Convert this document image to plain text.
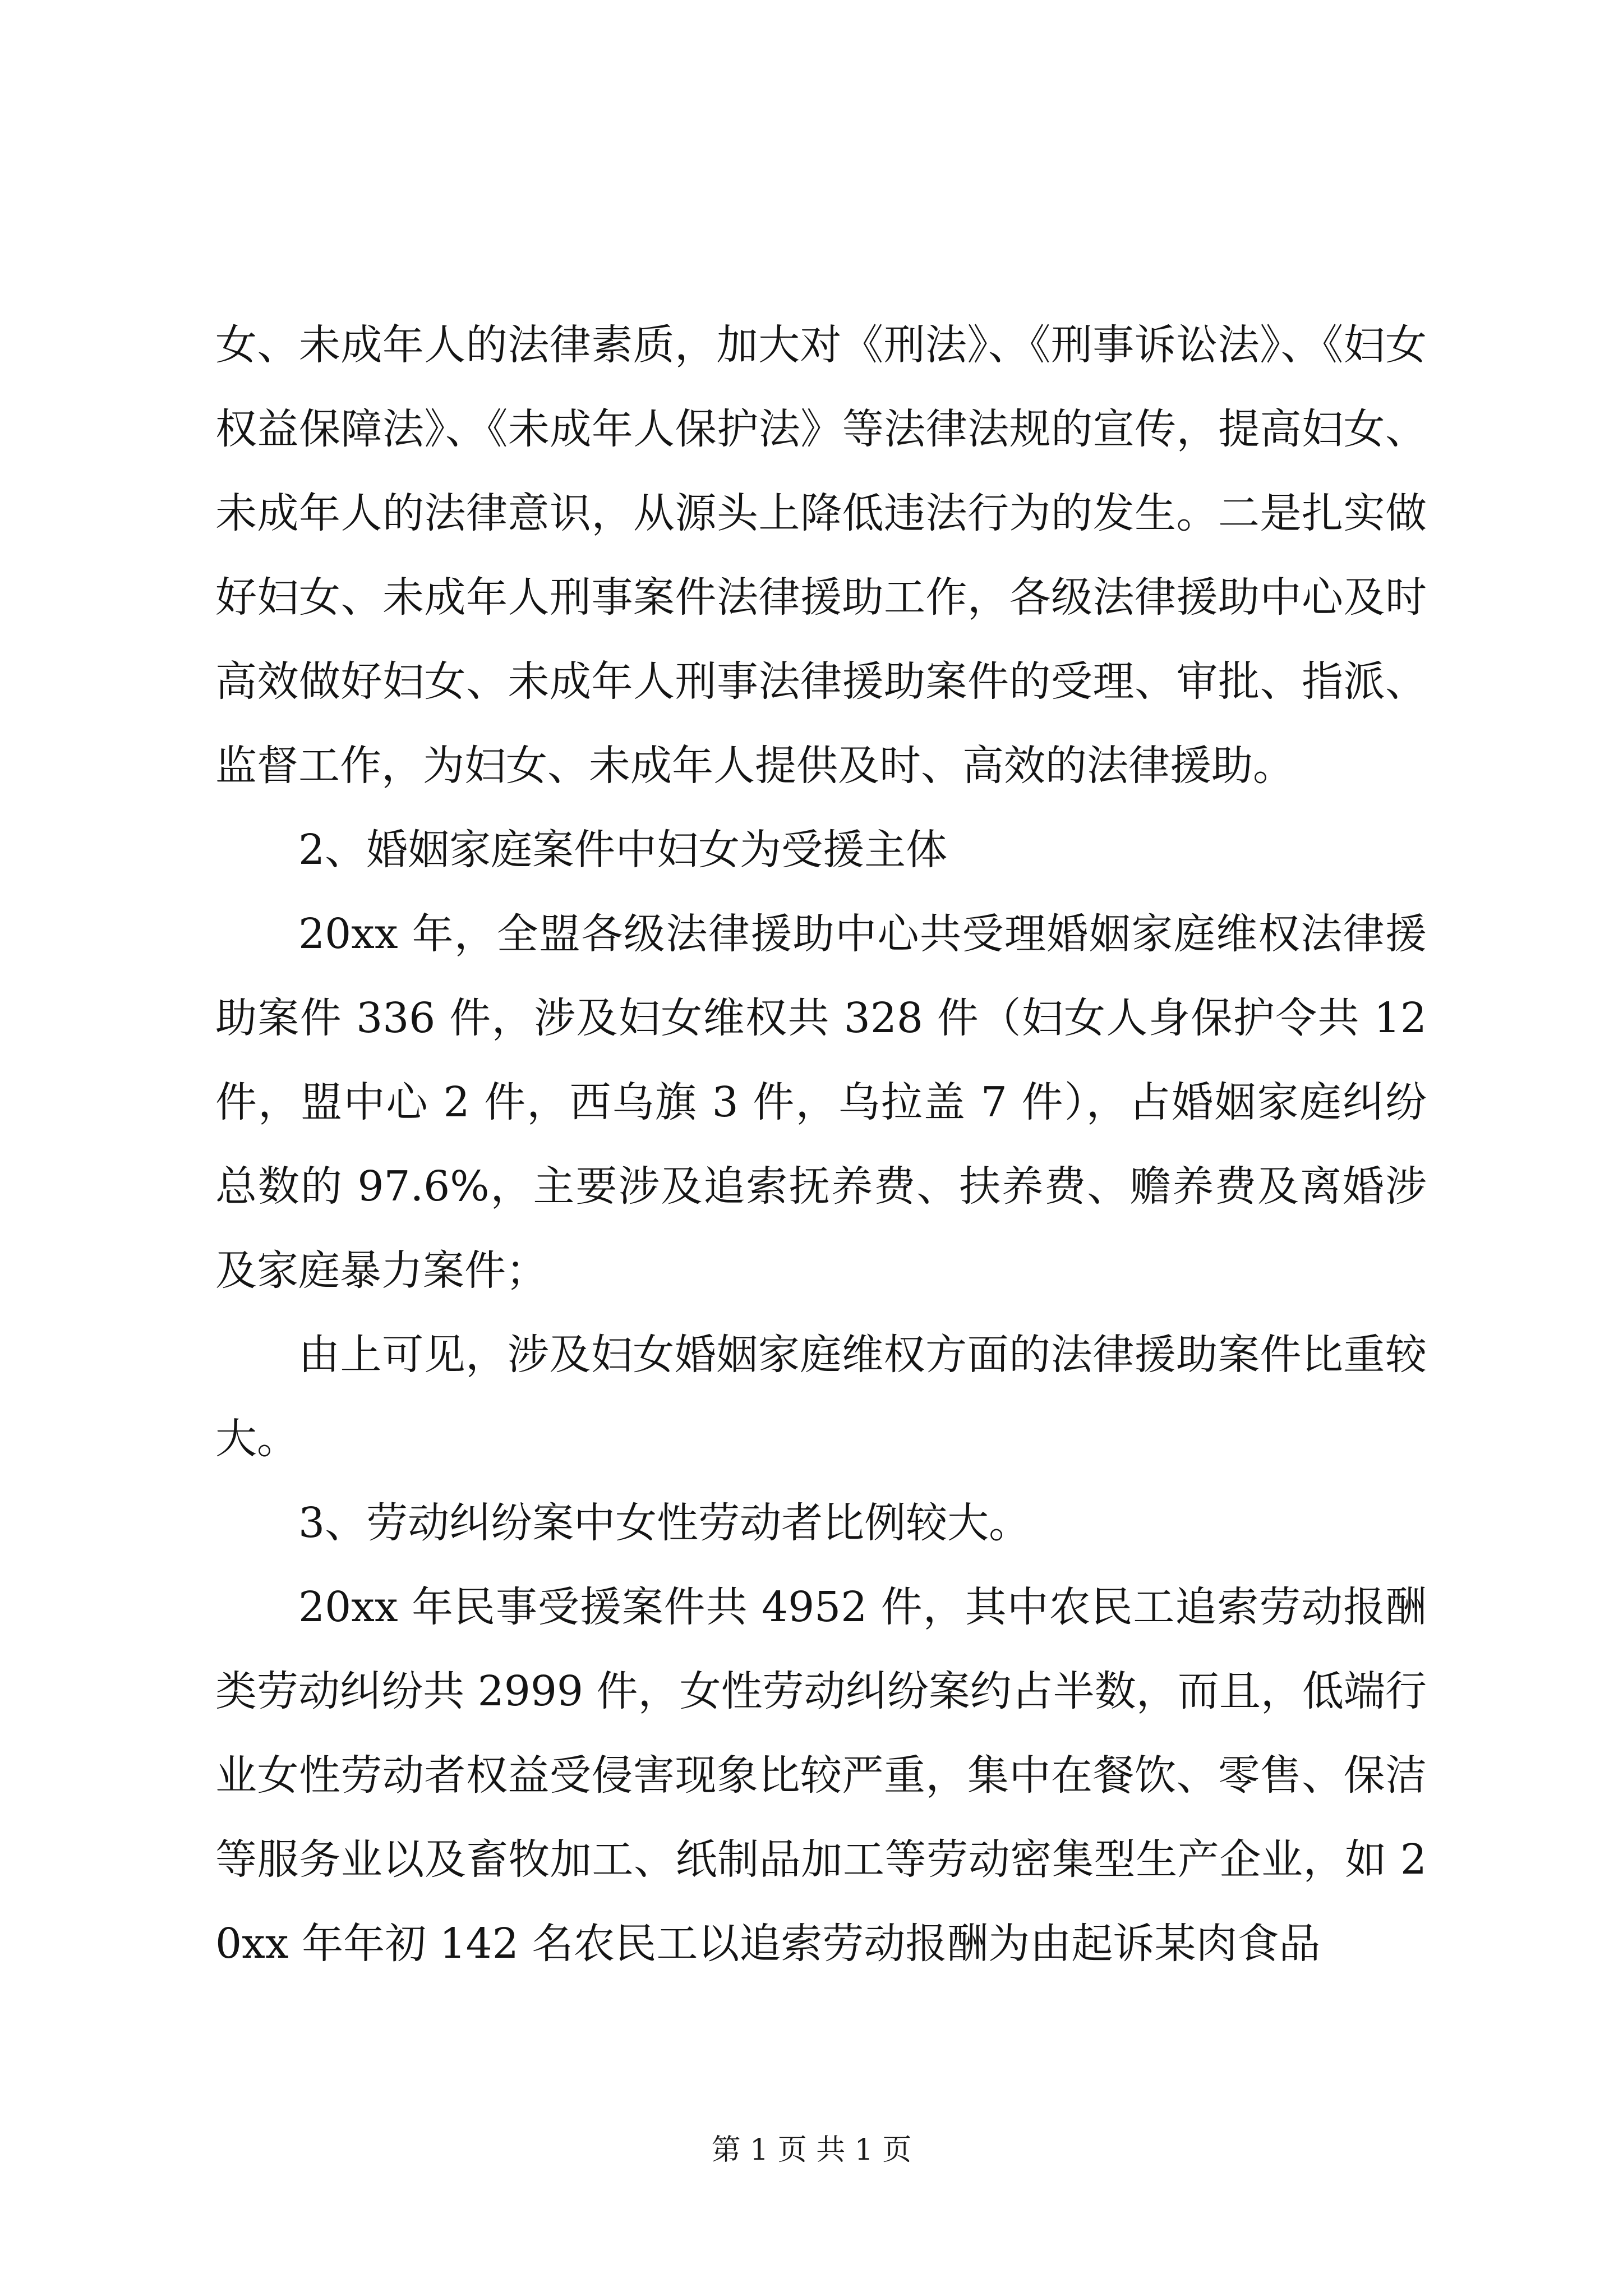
女、未成年人的法律素质，加大对《刑法》、《刑事诉讼法》、《妇女权益保障法》、《未成年人保护法》等法律法规的宣传，提高妇女、未成年人的法律意识，从源头上降低违法行为的发生。二是扎实做好妇女、未成年人刑事案件法律援助工作，各级法律援助中心及时高效做好妇女、未成年人刑事法律援助案件的受理、审批、指派、监督工作，为妇女、未成年人提供及时、高效的法律援助。

2、婚姻家庭案件中妇女为受援主体

20xx 年，全盟各级法律援助中心共受理婚姻家庭维权法律援助案件 336 件，涉及妇女维权共 328 件（妇女人身保护令共 12 件，盟中心 2 件，西乌旗 3 件，乌拉盖 7 件），占婚姻家庭纠纷总数的 97.6%，主要涉及追索抚养费、扶养费、赡养费及离婚涉及家庭暴力案件；

由上可见，涉及妇女婚姻家庭维权方面的法律援助案件比重较大。

3、劳动纠纷案中女性劳动者比例较大。

20xx 年民事受援案件共 4952 件，其中农民工追索劳动报酬类劳动纠纷共 2999 件，女性劳动纠纷案约占半数，而且，低端行业女性劳动者权益受侵害现象比较严重，集中在餐饮、零售、保洁等服务业以及畜牧加工、纸制品加工等劳动密集型生产企业，如 20xx 年年初 142 名农民工以追索劳动报酬为由起诉某肉食品

第 1 页 共 1 页
